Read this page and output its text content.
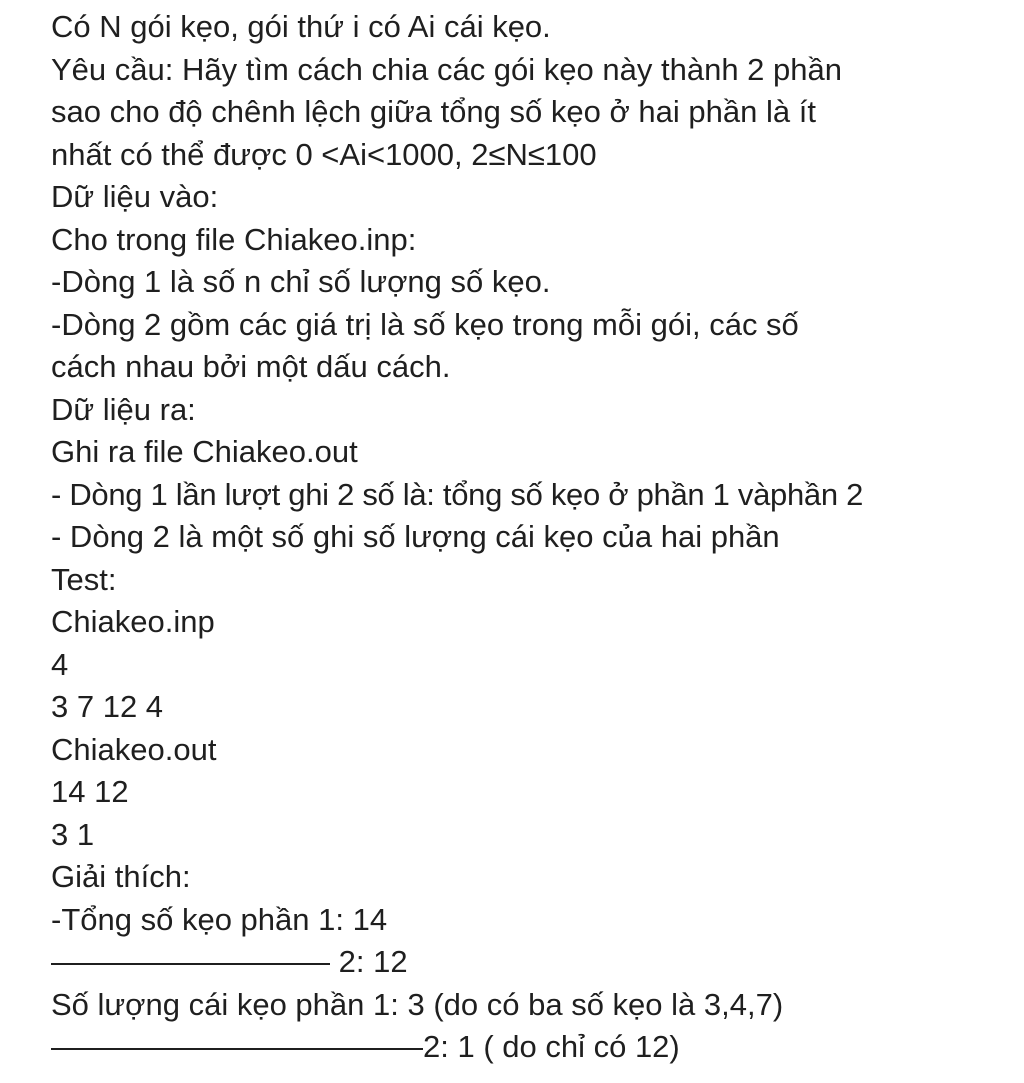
Có N gói kẹo, gói thứ i có Ai cái kẹo.
Yêu cầu: Hãy tìm cách chia các gói kẹo này thành 2 phần
sao cho độ chênh lệch giữa tổng số kẹo ở hai phần là ít
nhất có thể được 0 <Ai<1000, 2≤N≤100
Dữ liệu vào:
Cho trong file Chiakeo.inp:
-Dòng 1 là số n chỉ số lượng số kẹo.
-Dòng 2 gồm các giá trị là số kẹo trong mỗi gói, các số
cách nhau bởi một dấu cách.
Dữ liệu ra:
Ghi ra file Chiakeo.out
- Dòng 1 lần lượt ghi 2 số là: tổng số kẹo ở phần 1 vàphần 2
- Dòng 2 là một số ghi số lượng cái kẹo của hai phần
Test:
Chiakeo.inp
4
3 7 12 4
Chiakeo.out
14 12
3 1
Giải thích:
-Tổng số kẹo phần 1: 14
————————— 2: 12
Số lượng cái kẹo phần 1: 3 (do có ba số kẹo là 3,4,7)
————————————2: 1 ( do chỉ có 12)
